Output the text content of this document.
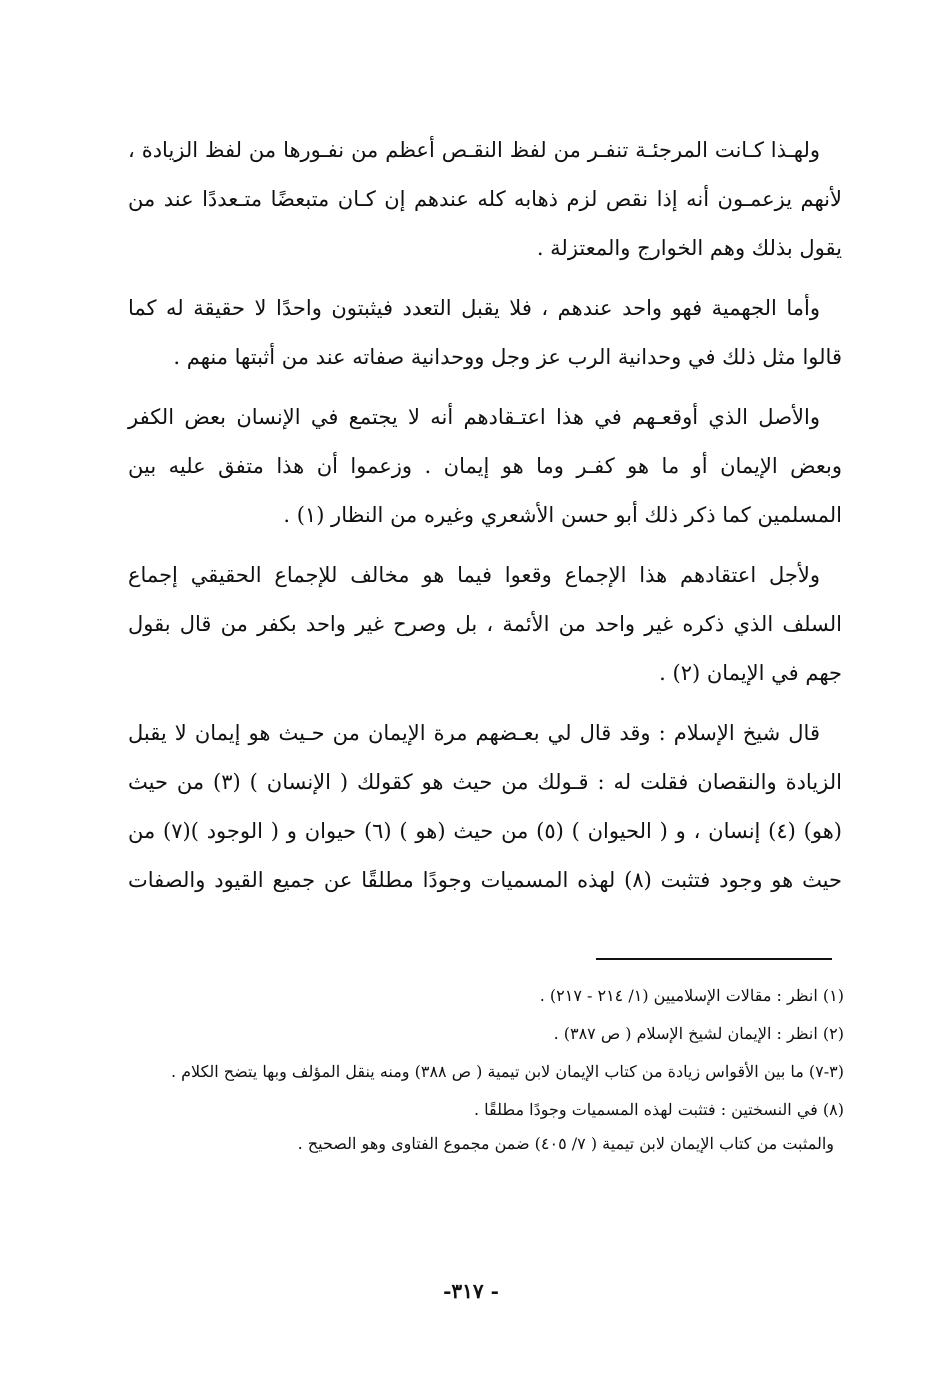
ولهـذا كـانت المرجئـة تنفـر من لفظ النقـص أعظم من نفـورها من لفظ الزيادة ، لأنهم يزعمـون أنه إذا نقص لزم ذهابه كله عندهم إن كـان متبعضًا متـعددًا عند من يقول بذلك وهم الخوارج والمعتزلة .

وأما الجهمية فهو واحد عندهم ، فلا يقبل التعدد فيثبتون واحدًا لا حقيقة له كما قالوا مثل ذلك في وحدانية الرب عز وجل ووحدانية صفاته عند من أثبتها منهم .

والأصل الذي أوقعـهم في هذا اعتـقادهم أنه لا يجتمع في الإنسان بعض الكفر وبعض الإيمان أو ما هو كفـر وما هو إيمان . وزعموا أن هذا متفق عليه بين المسلمين كما ذكر ذلك أبو حسن الأشعري وغيره من النظار (١) .

ولأجل اعتقادهم هذا الإجماع وقعوا فيما هو مخالف للإجماع الحقيقي إجماع السلف الذي ذكره غير واحد من الأئمة ، بل وصرح غير واحد بكفر من قال بقول جهم في الإيمان (٢) .

قال شيخ الإسلام : وقد قال لي بعـضهم مرة الإيمان من حـيث هو إيمان لا يقبل الزيادة والنقصان فقلت له : قـولك من حيث هو كقولك ( الإنسان ) (٣) من حيث (هو) (٤) إنسان ، و ( الحيوان ) (٥) من حيث (هو ) (٦) حيوان و ( الوجود )(٧) من حيث هو وجود فتثبت (٨) لهذه المسميات وجودًا مطلقًا عن جميع القيود والصفات

(١) انظر : مقالات الإسلاميين (١/ ٢١٤ - ٢١٧) .

(٢) انظر : الإيمان لشيخ الإسلام ( ص ٣٨٧) .

(٣-٧) ما بين الأقواس زيادة من كتاب الإيمان لابن تيمية ( ص ٣٨٨) ومنه ينقل المؤلف وبها يتضح الكلام .

(٨) في النسختين : فتثبت لهذه المسميات وجودًا مطلقًا .

والمثبت من كتاب الإيمان لابن تيمية ( ٧/ ٤٠٥) ضمن مجموع الفتاوى وهو الصحيح .

- ٣١٧-
